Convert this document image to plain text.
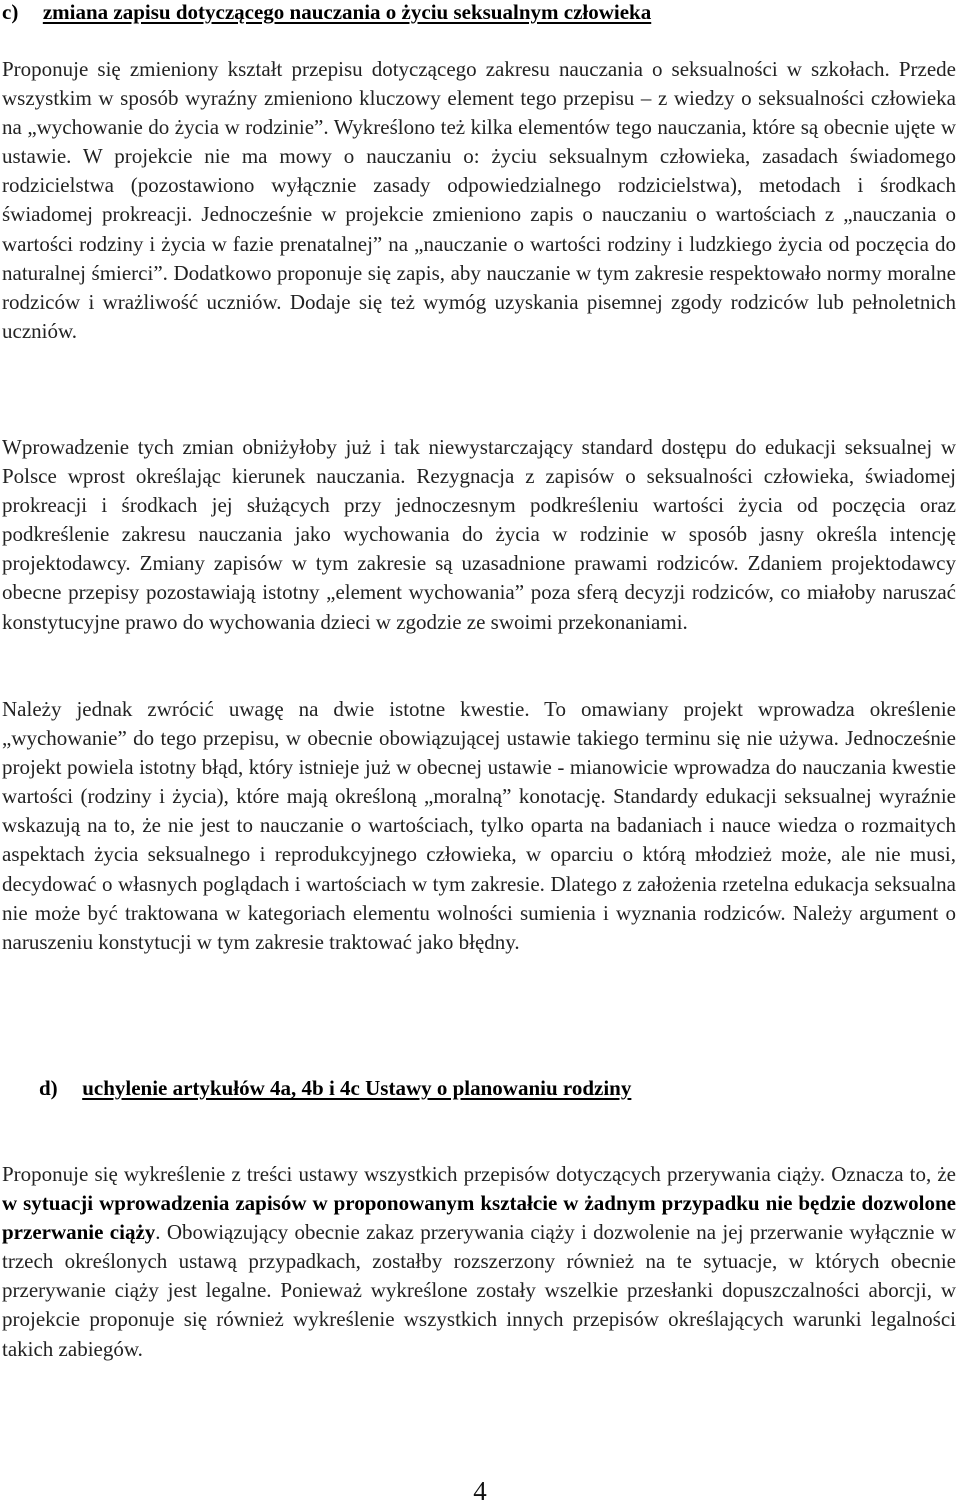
c) zmiana zapisu dotyczącego nauczania o życiu seksualnym człowieka

Proponuje się zmieniony kształt przepisu dotyczącego zakresu nauczania o seksualności w szkołach. Przede wszystkim w sposób wyraźny zmieniono kluczowy element tego przepisu – z wiedzy o seksualności człowieka na „wychowanie do życia w rodzinie”. Wykreślono też kilka elementów tego nauczania, które są obecnie ujęte w ustawie. W projekcie nie ma mowy o nauczaniu o: życiu seksualnym człowieka, zasadach świadomego rodzicielstwa (pozostawiono wyłącznie zasady odpowiedzialnego rodzicielstwa), metodach i środkach świadomej prokreacji. Jednocześnie w projekcie zmieniono zapis o nauczaniu o wartościach z „nauczania o wartości rodziny i życia w fazie prenatalnej” na „nauczanie o wartości rodziny i ludzkiego życia od poczęcia do naturalnej śmierci”. Dodatkowo proponuje się zapis, aby nauczanie w tym zakresie respektowało normy moralne rodziców i wrażliwość uczniów. Dodaje się też wymóg uzyskania pisemnej zgody rodziców lub pełnoletnich uczniów.

Wprowadzenie tych zmian obniżyłoby już i tak niewystarczający standard dostępu do edukacji seksualnej w Polsce wprost określając kierunek nauczania. Rezygnacja z zapisów o seksualności człowieka, świadomej prokreacji i środkach jej służących przy jednoczesnym podkreśleniu wartości życia od poczęcia oraz podkreślenie zakresu nauczania jako wychowania do życia w rodzinie w sposób jasny określa intencję projektodawcy. Zmiany zapisów w tym zakresie są uzasadnione prawami rodziców. Zdaniem projektodawcy obecne przepisy pozostawiają istotny „element wychowania” poza sferą decyzji rodziców, co miałoby naruszać konstytucyjne prawo do wychowania dzieci w zgodzie ze swoimi przekonaniami.

Należy jednak zwrócić uwagę na dwie istotne kwestie. To omawiany projekt wprowadza określenie „wychowanie” do tego przepisu, w obecnie obowiązującej ustawie takiego terminu się nie używa. Jednocześnie projekt powiela istotny błąd, który istnieje już w obecnej ustawie - mianowicie wprowadza do nauczania kwestie wartości (rodziny i życia), które mają określoną „moralną” konotację. Standardy edukacji seksualnej wyraźnie wskazują na to, że nie jest to nauczanie o wartościach, tylko oparta na badaniach i nauce wiedza o rozmaitych aspektach życia seksualnego i reprodukcyjnego człowieka, w oparciu o którą młodzież może, ale nie musi, decydować o własnych poglądach i wartościach w tym zakresie. Dlatego z założenia rzetelna edukacja seksualna nie może być traktowana w kategoriach elementu wolności sumienia i wyznania rodziców. Należy argument o naruszeniu konstytucji w tym zakresie traktować jako błędny.

d) uchylenie artykułów 4a, 4b i 4c Ustawy o planowaniu rodziny

Proponuje się wykreślenie z treści ustawy wszystkich przepisów dotyczących przerywania ciąży. Oznacza to, że w sytuacji wprowadzenia zapisów w proponowanym kształcie w żadnym przypadku nie będzie dozwolone przerwanie ciąży. Obowiązujący obecnie zakaz przerywania ciąży i dozwolenie na jej przerwanie wyłącznie w trzech określonych ustawą przypadkach, zostałby rozszerzony również na te sytuacje, w których obecnie przerywanie ciąży jest legalne. Ponieważ wykreślone zostały wszelkie przesłanki dopuszczalności aborcji, w projekcie proponuje się również wykreślenie wszystkich innych przepisów określających warunki legalności takich zabiegów.

4
